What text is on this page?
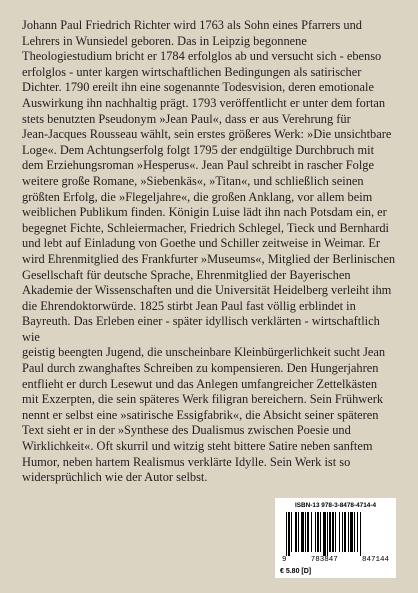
Johann Paul Friedrich Richter wird 1763 als Sohn eines Pfarrers und
Lehrers in Wunsiedel geboren. Das in Leipzig begonnene
Theologiestudium bricht er 1784 erfolglos ab und versucht sich - ebenso
erfolglos - unter kargen wirtschaftlichen Bedingungen als satirischer
Dichter. 1790 ereilt ihn eine sogenannte Todesvision, deren emotionale
Auswirkung ihn nachhaltig prägt. 1793 veröffentlicht er unter dem fortan
stets benutzten Pseudonym »Jean Paul«, dass er aus Verehrung für
Jean-Jacques Rousseau wählt, sein erstes größeres Werk: »Die unsichtbare
Loge«. Dem Achtungserfolg folgt 1795 der endgültige Durchbruch mit
dem Erziehungsroman »Hesperus«. Jean Paul schreibt in rascher Folge
weitere große Romane, »Siebenkäs«, »Titan«, und schließlich seinen
größten Erfolg, die »Flegeljahre«, die großen Anklang, vor allem beim
weiblichen Publikum finden. Königin Luise lädt ihn nach Potsdam ein, er
begegnet Fichte, Schleiermacher, Friedrich Schlegel, Tieck und Bernhardi
und lebt auf Einladung von Goethe und Schiller zeitweise in Weimar. Er
wird Ehrenmitglied des Frankfurter »Museums«, Mitglied der Berlinischen
Gesellschaft für deutsche Sprache, Ehrenmitglied der Bayerischen
Akademie der Wissenschaften und die Universität Heidelberg verleiht ihm
die Ehrendoktorwürde. 1825 stirbt Jean Paul fast völlig erblindet in
Bayreuth. Das Erleben einer - später idyllisch verklärten - wirtschaftlich wie
geistig beengten Jugend, die unscheinbare Kleinbürgerlichkeit sucht Jean
Paul durch zwanghaftes Schreiben zu kompensieren. Den Hungerjahren
entflieht er durch Lesewut und das Anlegen umfangreicher Zettelkästen
mit Exzerpten, die sein späteres Werk filigran bereichern. Sein Frühwerk
nennt er selbst eine »satirische Essigfabrik«, die Absicht seiner späteren
Text sieht er in der »Synthese des Dualismus zwischen Poesie und
Wirklichkeit«. Oft skurril und witzig steht bittere Satire neben sanftem
Humor, neben hartem Realismus verklärte Idylle. Sein Werk ist so
widersprüchlich wie der Autor selbst.

ISBN-13 978-3-8478-4714-4
9	783847	847144
€ 5.80 [D]
